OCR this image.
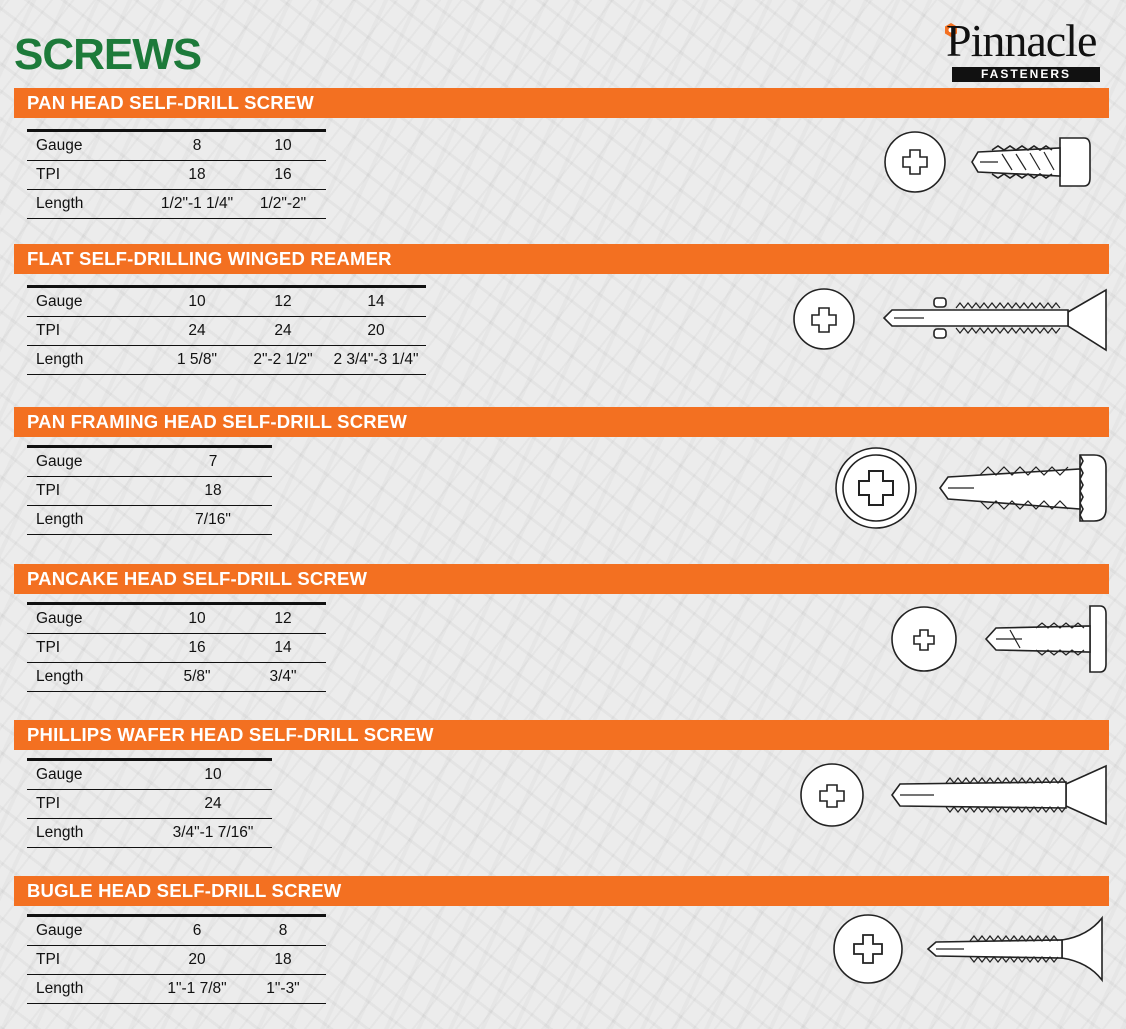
SCREWS	Pinnacle
FASTENERS
PAN HEAD SELF-DRILL SCREW
Gauge	8	10
TPI	18	16
Length	1/2"-1 1/4"	1/2"-2"
FLAT SELF-DRILLING WINGED REAMER
Gauge	10	12	14
TPI	24	24	20
Length	1 5/8"	2"-2 1/2"	2 3/4"-3 1/4"
PAN FRAMING HEAD SELF-DRILL SCREW
Gauge	7
TPI	18
Length	7/16"
PANCAKE HEAD SELF-DRILL SCREW
Gauge	10	12
TPI	16	14
Length	5/8"	3/4"
PHILLIPS WAFER HEAD SELF-DRILL SCREW
Gauge	10
TPI	24
Length	3/4"-1 7/16"
BUGLE HEAD SELF-DRILL SCREW
Gauge	6	8
TPI	20	18
Length	1"-1 7/8"	1"-3"
